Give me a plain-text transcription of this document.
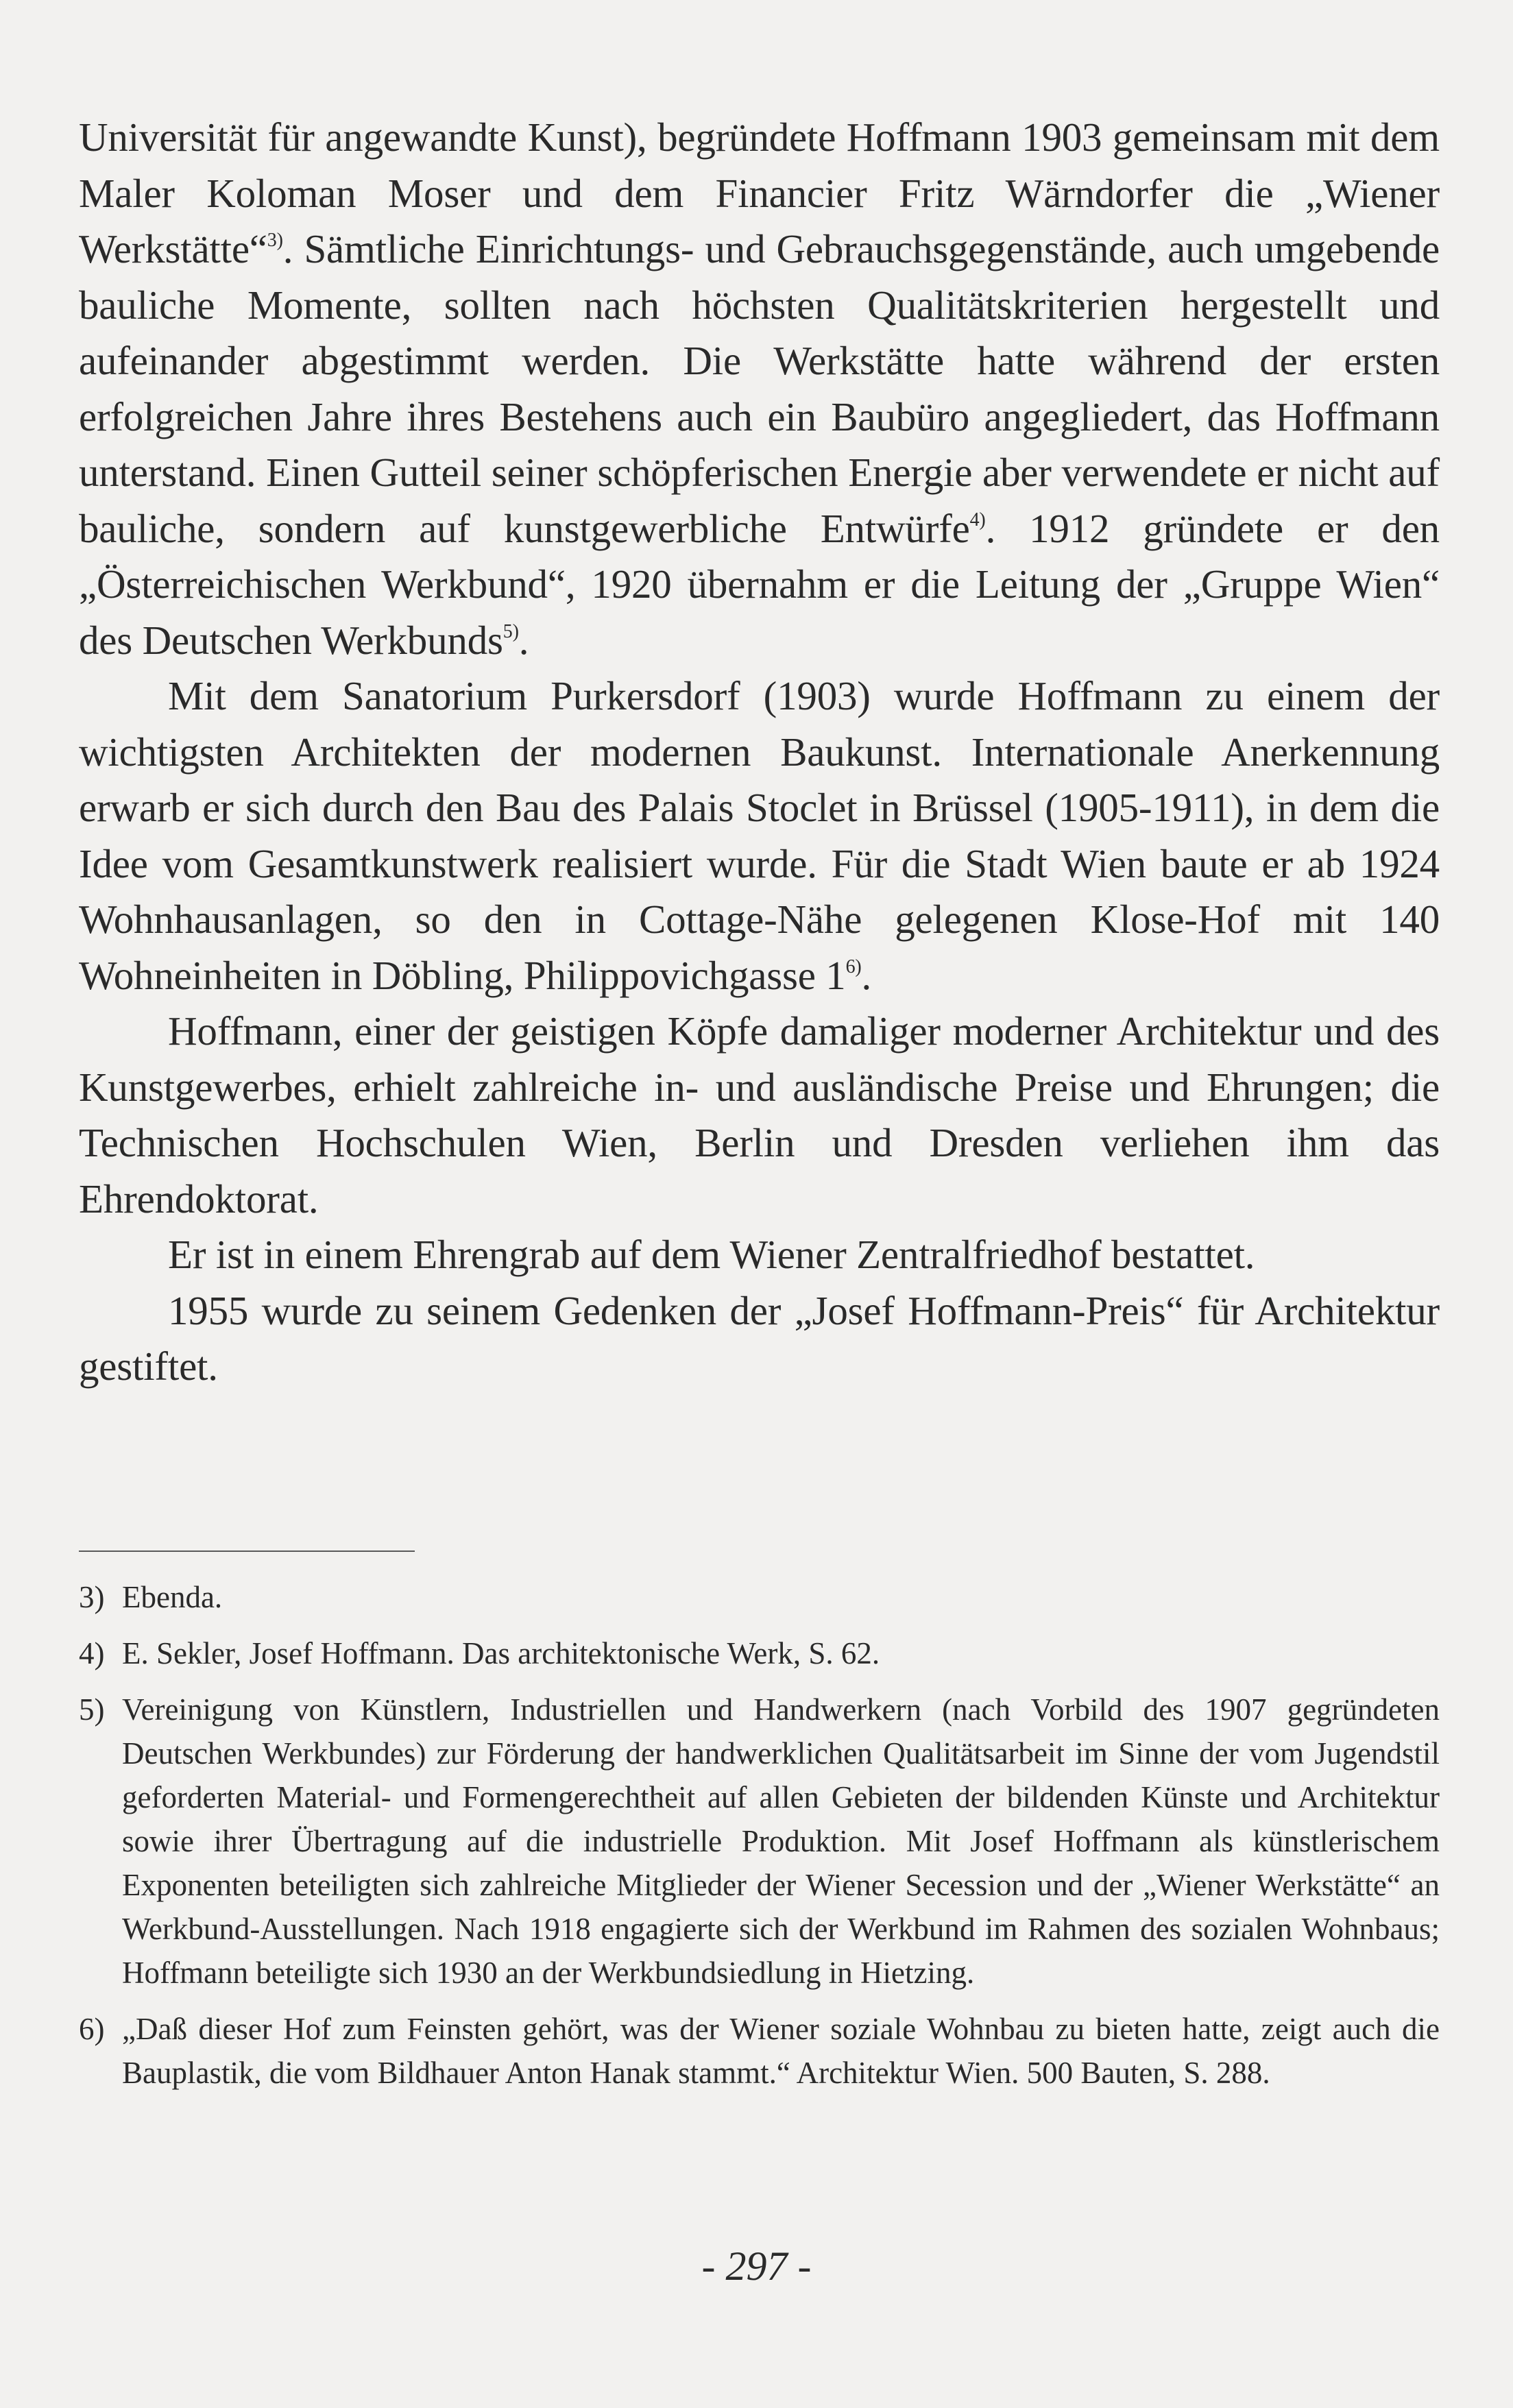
Universität für angewandte Kunst), begründete Hoffmann 1903 gemeinsam mit dem Maler Koloman Moser und dem Financier Fritz Wärndorfer die „Wiener Werkstätte“$^{3)}$. Sämtliche Einrichtungs- und Gebrauchsgegenstände, auch umgebende bauliche Momente, sollten nach höchsten Qualitätskriterien hergestellt und aufeinander abgestimmt werden. Die Werkstätte hatte während der ersten erfolgreichen Jahre ihres Bestehens auch ein Baubüro angegliedert, das Hoffmann unterstand. Einen Gutteil seiner schöpferischen Energie aber verwendete er nicht auf bauliche, sondern auf kunstgewerbliche Entwürfe$^{4)}$. 1912 gründete er den „Österreichischen Werkbund“, 1920 übernahm er die Leitung der „Gruppe Wien“ des Deutschen Werkbunds$^{5)}$.

Mit dem Sanatorium Purkersdorf (1903) wurde Hoffmann zu einem der wichtigsten Architekten der modernen Baukunst. Internationale Anerkennung erwarb er sich durch den Bau des Palais Stoclet in Brüssel (1905-1911), in dem die Idee vom Gesamtkunstwerk realisiert wurde. Für die Stadt Wien baute er ab 1924 Wohnhausanlagen, so den in Cottage-Nähe gelegenen Klose-Hof mit 140 Wohneinheiten in Döbling, Philippovichgasse 1$^{6)}$.

Hoffmann, einer der geistigen Köpfe damaliger moderner Architektur und des Kunstgewerbes, erhielt zahlreiche in- und ausländische Preise und Ehrungen; die Technischen Hochschulen Wien, Berlin und Dresden verliehen ihm das Ehrendoktorat.

Er ist in einem Ehrengrab auf dem Wiener Zentralfriedhof bestattet.

1955 wurde zu seinem Gedenken der „Josef Hoffmann-Preis“ für Architektur gestiftet.

3) Ebenda.
4) E. Sekler, Josef Hoffmann. Das architektonische Werk, S. 62.
5) Vereinigung von Künstlern, Industriellen und Handwerkern (nach Vorbild des 1907 gegründeten Deutschen Werkbundes) zur Förderung der handwerklichen Qualitätsarbeit im Sinne der vom Jugendstil geforderten Material- und Formengerechtheit auf allen Gebieten der bildenden Künste und Architektur sowie ihrer Übertragung auf die industrielle Produktion. Mit Josef Hoffmann als künstlerischem Exponenten beteiligten sich zahlreiche Mitglieder der Wiener Secession und der „Wiener Werkstätte“ an Werkbund-Ausstellungen. Nach 1918 engagierte sich der Werkbund im Rahmen des sozialen Wohnbaus; Hoffmann beteiligte sich 1930 an der Werkbundsiedlung in Hietzing.
6) „Daß dieser Hof zum Feinsten gehört, was der Wiener soziale Wohnbau zu bieten hatte, zeigt auch die Bauplastik, die vom Bildhauer Anton Hanak stammt.“ Architektur Wien. 500 Bauten, S. 288.
- 297 -
